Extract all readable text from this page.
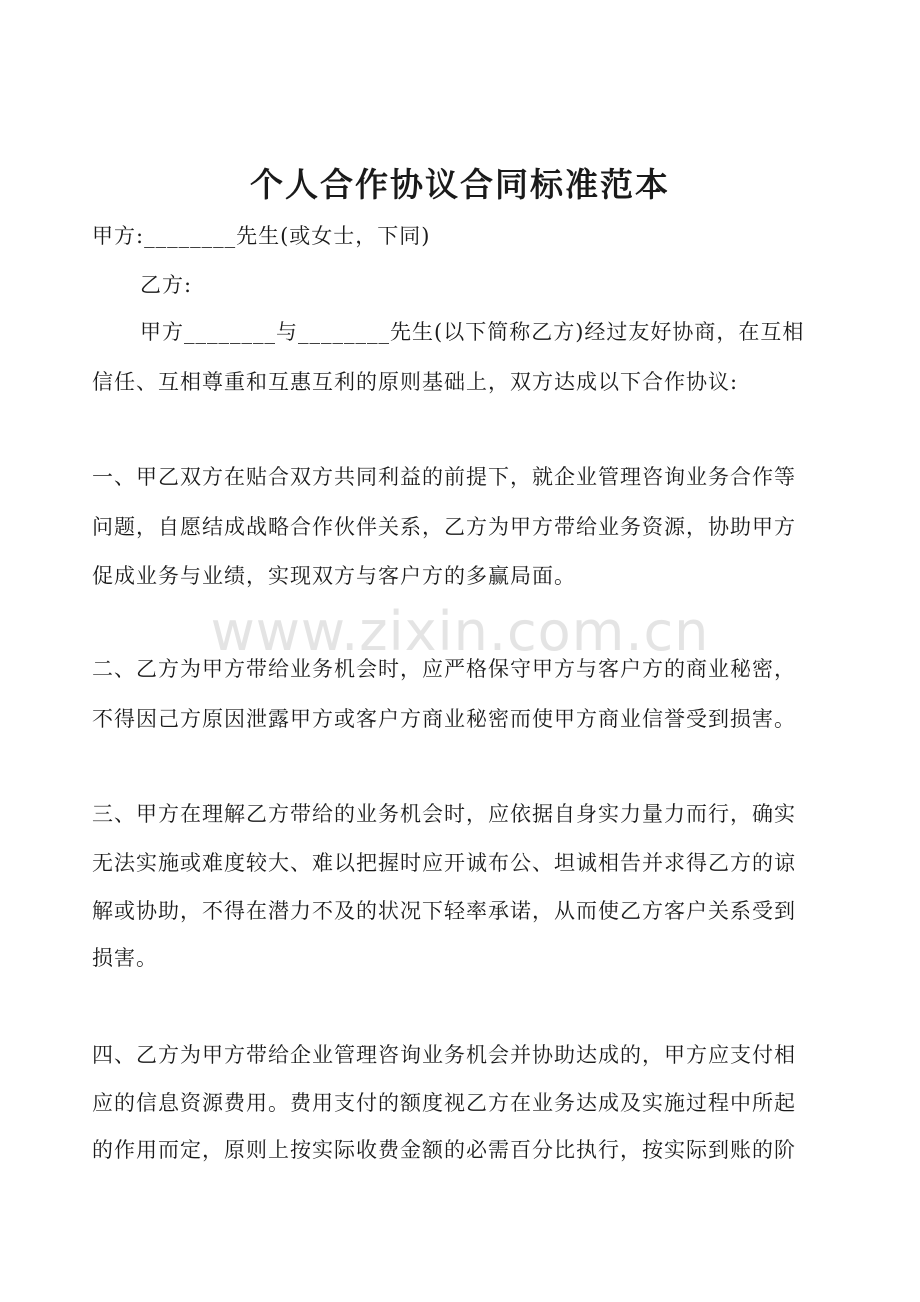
www.zixin.com.cn
个人合作协议合同标准范本
甲方:________先生(或女士，下同)
乙方:
甲方________与________先生(以下简称乙方)经过友好协商，在互相
信任、互相尊重和互惠互利的原则基础上，双方达成以下合作协议:
一、甲乙双方在贴合双方共同利益的前提下，就企业管理咨询业务合作等
问题，自愿结成战略合作伙伴关系，乙方为甲方带给业务资源，协助甲方
促成业务与业绩，实现双方与客户方的多赢局面。
二、乙方为甲方带给业务机会时，应严格保守甲方与客户方的商业秘密，
不得因己方原因泄露甲方或客户方商业秘密而使甲方商业信誉受到损害。
三、甲方在理解乙方带给的业务机会时，应依据自身实力量力而行，确实
无法实施或难度较大、难以把握时应开诚布公、坦诚相告并求得乙方的谅
解或协助，不得在潜力不及的状况下轻率承诺，从而使乙方客户关系受到
损害。
四、乙方为甲方带给企业管理咨询业务机会并协助达成的，甲方应支付相
应的信息资源费用。费用支付的额度视乙方在业务达成及实施过程中所起
的作用而定，原则上按实际收费金额的必需百分比执行，按实际到账的阶
